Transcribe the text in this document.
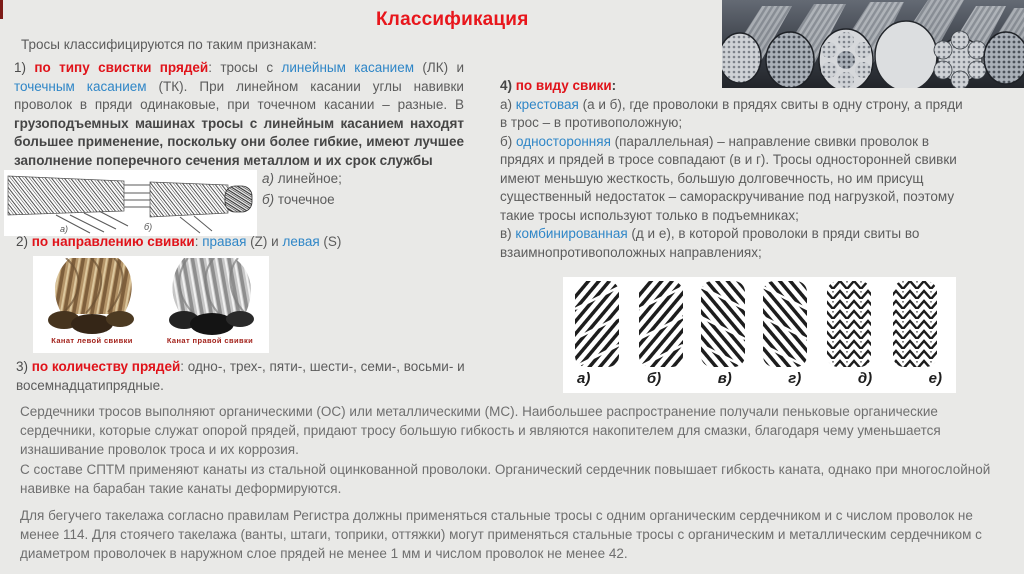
Классификация
Тросы классифицируются по таким признакам:

1) по типу свистки прядей: тросы с линейным касанием (ЛК) и точечным касанием (ТК). При линейном касании углы навивки проволок в пряди одинаковые, при точечном касании – разные. В грузоподъемных машинах тросы с линейным касанием находят большее применение, поскольку они более гибкие, имеют лучшее заполнение поперечного сечения металлом и их срок службы

а)	б)
а) линейное;
б) точечное

2) по направлению свивки: правая (Z) и левая (S)

Канат левой свивки	Канат правой свивки

3) по количеству прядей: одно-, трех-, пяти-, шести-, семи-, восьми- и восемнадцатипрядные.

4) по виду свики:
а) крестовая (а и б), где проволоки в прядях свиты в одну строну, а пряди в трос – в противоположную;
б) односторонняя (параллельная) – направление свивки проволок в прядях и прядей в тросе совпадают (в и г). Тросы односторонней свивки имеют меньшую жесткость, большую долговечность, но им присущ существенный недостаток – самораскручивание под нагрузкой, поэтому такие тросы используют только в подъемниках;
в) комбинированная (д и е), в которой проволоки в пряди свиты во взаимнопротивоположных направлениях;

а)	б)	в)	г)	д)	е)

Сердечники тросов выполняют органическими (ОС) или металлическими (МС). Наибольшее распространение получали пеньковые органические сердечники, которые служат опорой прядей, придают тросу большую гибкость и являются накопителем для смазки, благодаря чему уменьшается изнашивание проволок троса и их коррозия.

С составе СПТМ применяют канаты из стальной оцинкованной проволоки. Органический сердечник повышает гибкость каната, однако при многослойной навивке на барабан такие канаты деформируются.

Для бегучего такелажа согласно правилам Регистра должны применяться стальные тросы с одним органическим сердечником и с числом проволок не менее 114. Для стоячего такелажа (ванты, штаги, топрики, оттяжки) могут применяться стальные тросы с органическим и металлическим сердечником с диаметром проволочек в наружном слое прядей не менее 1 мм и числом проволок не менее 42.
